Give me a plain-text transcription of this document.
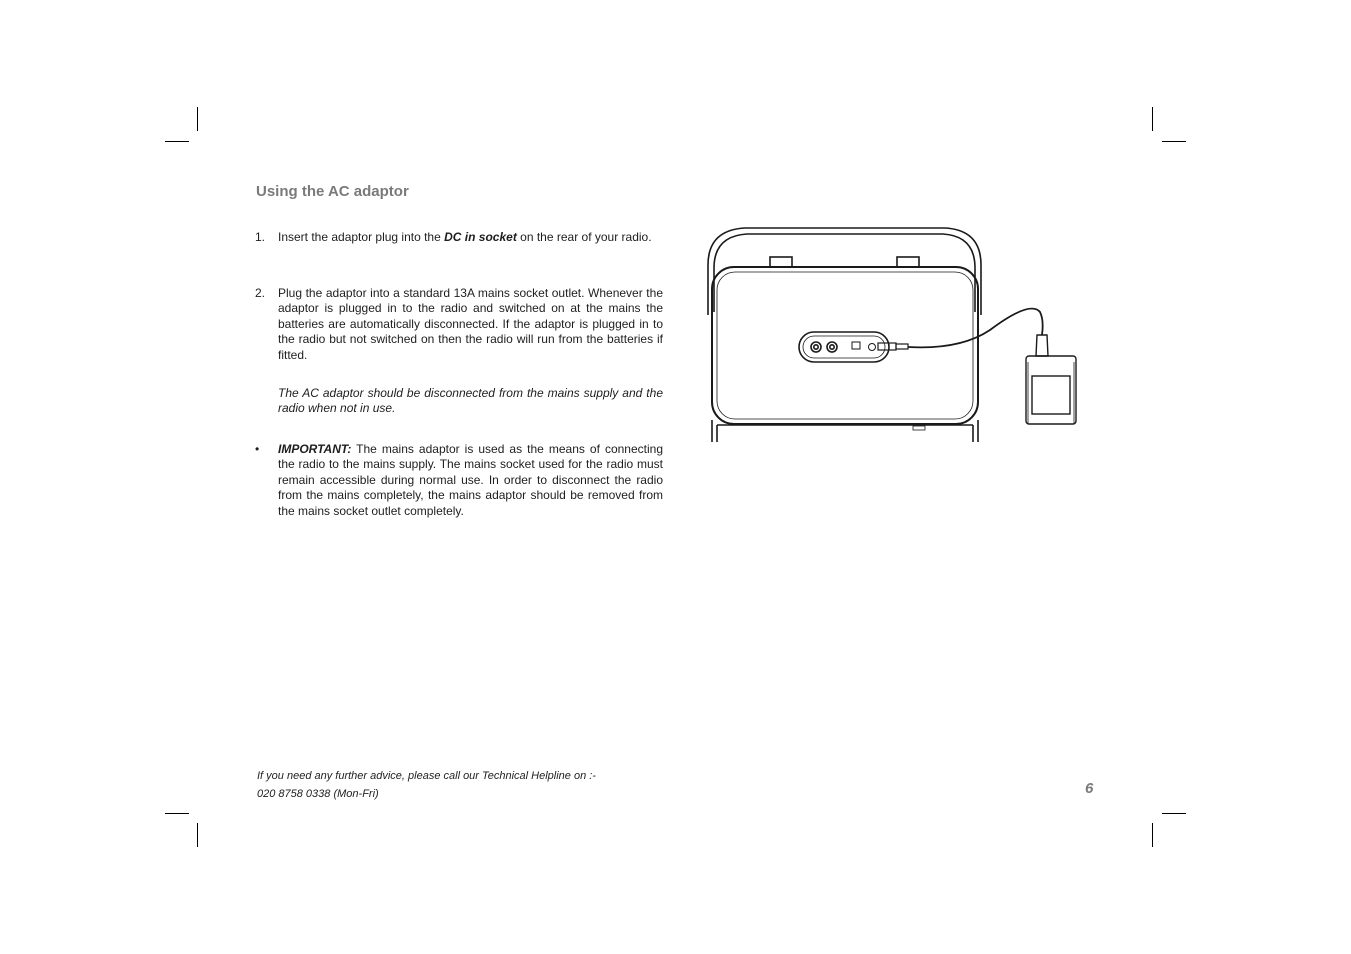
Using the AC adaptor
1. Insert the adaptor plug into the DC in socket on the rear of your radio.
2. Plug the adaptor into a standard 13A mains socket outlet. Whenever the adaptor is plugged in to the radio and switched on at the mains the batteries are automatically disconnected. If the adaptor is plugged in to the radio but not switched on then the radio will run from the batteries if fitted.
The AC adaptor should be disconnected from the mains supply and the radio when not in use.
• IMPORTANT: The mains adaptor is used as the means of connecting the radio to the mains supply. The mains socket used for the radio must remain accessible during normal use. In order to disconnect the radio from the mains completely, the mains adaptor should be removed from the mains socket outlet completely.
If you need any further advice, please call our Technical Helpline on :-
020 8758 0338 (Mon-Fri)	6
